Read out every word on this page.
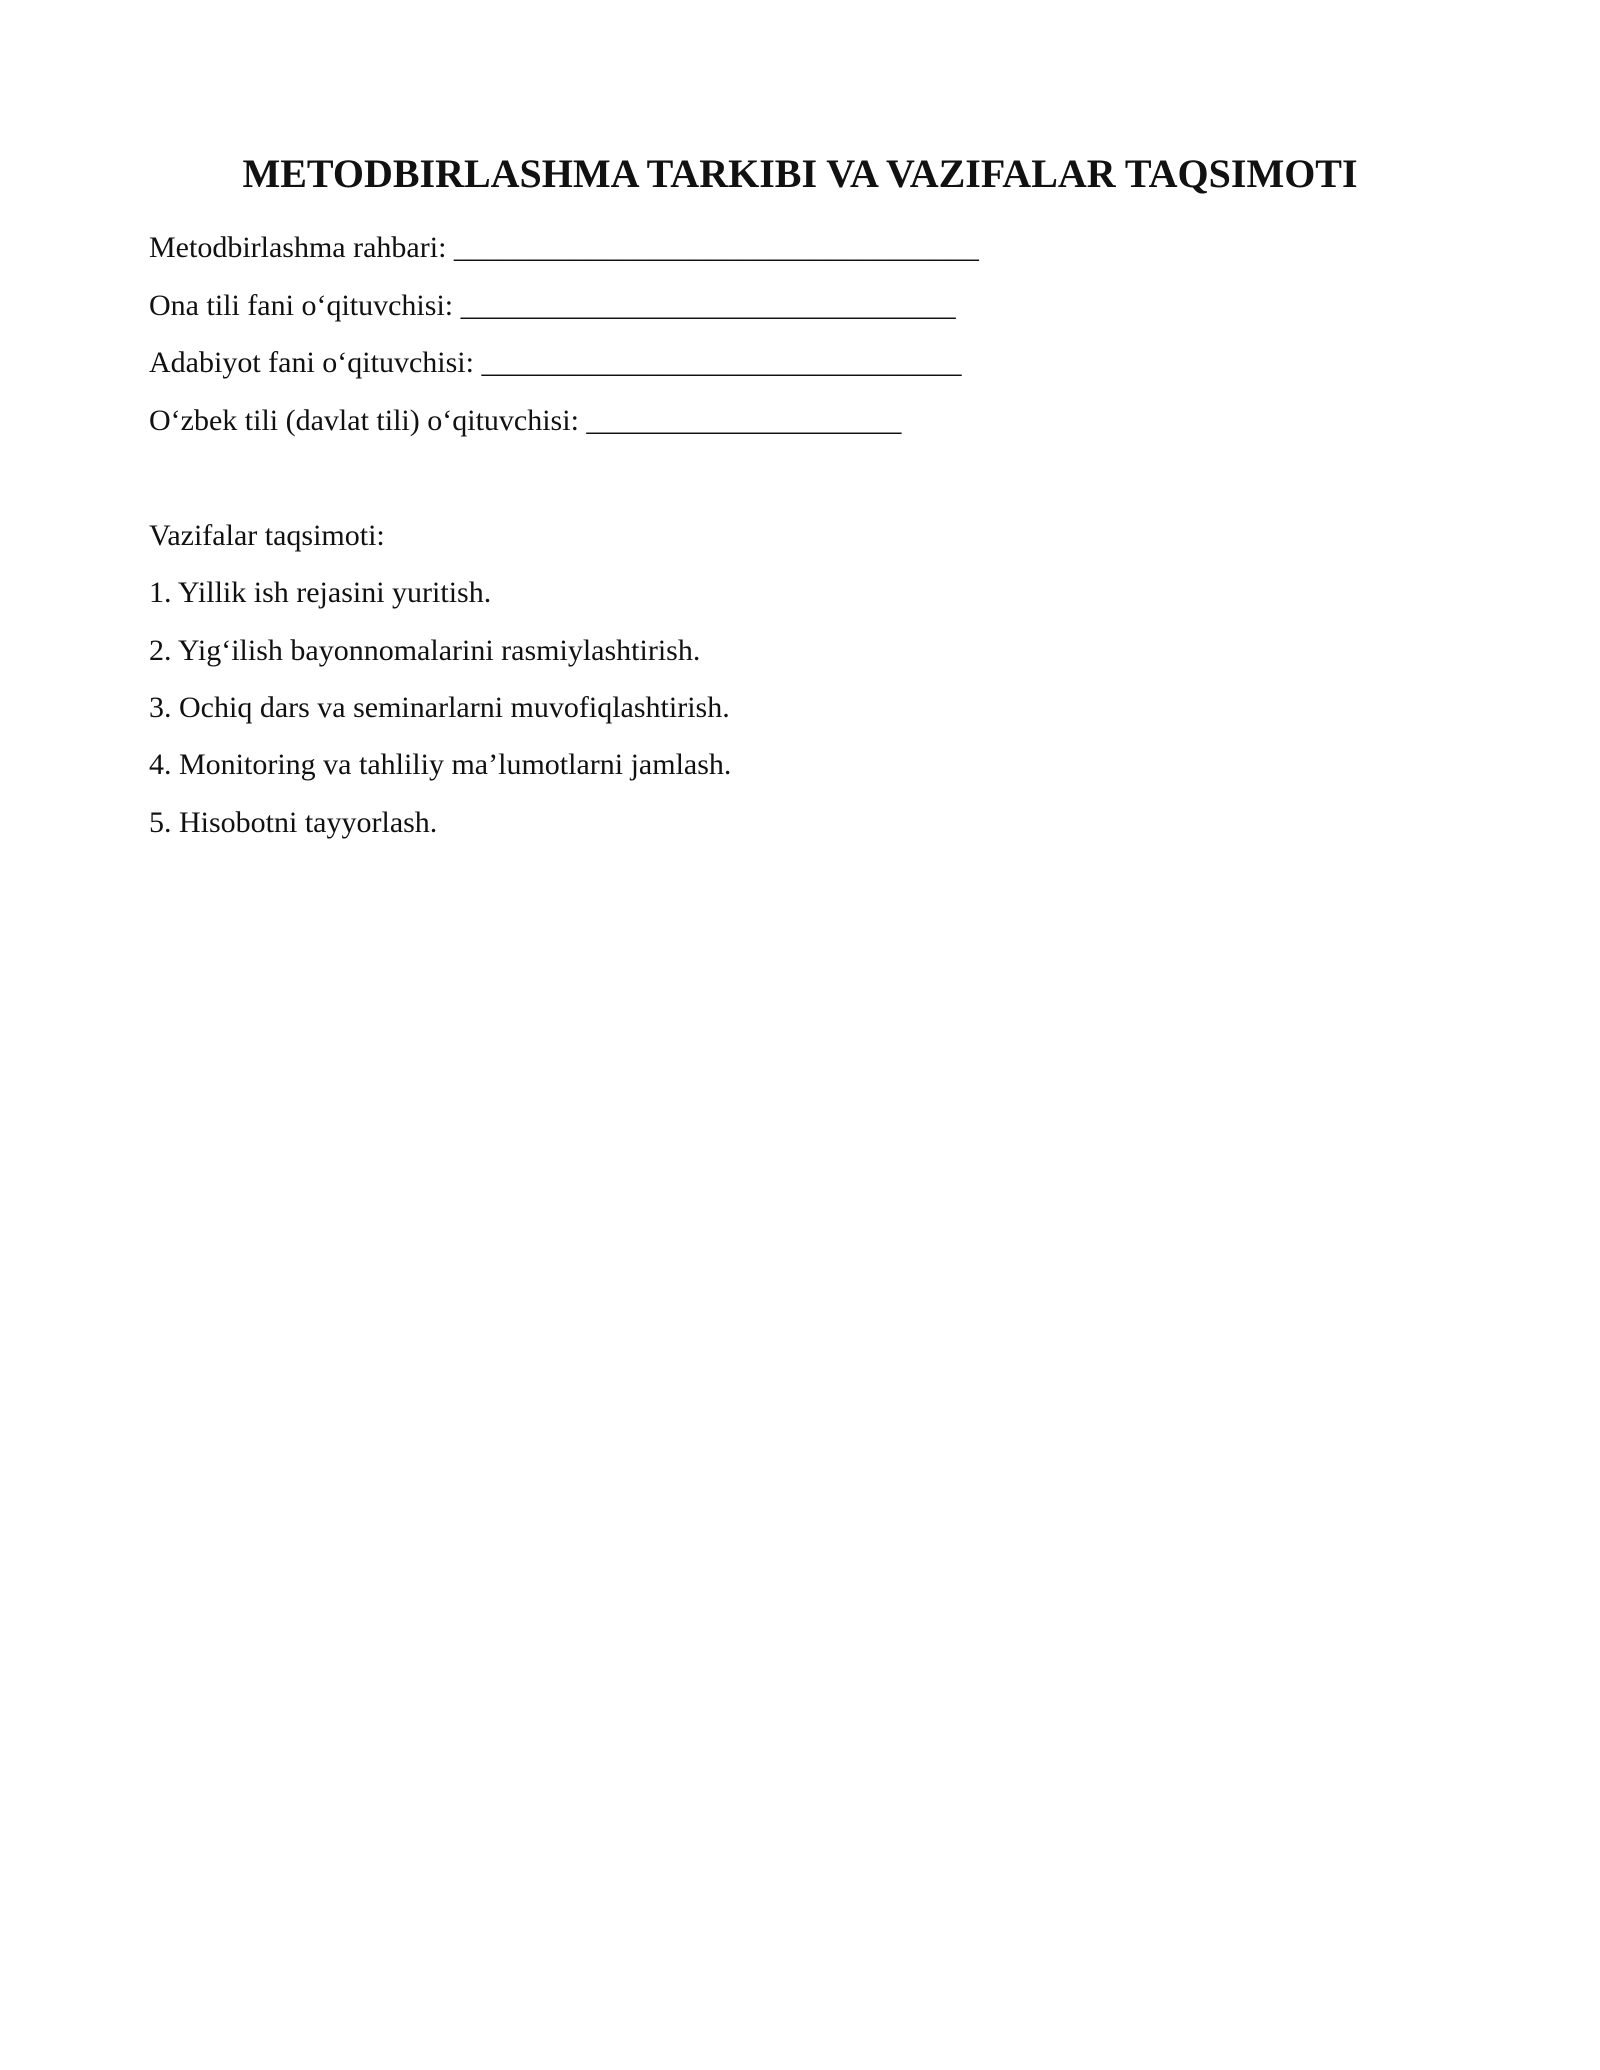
METODBIRLASHMA TARKIBI VA VAZIFALAR TAQSIMOTI

Metodbirlashma rahbari: ___________________________________

Ona tili fani o‘qituvchisi: _________________________________

Adabiyot fani o‘qituvchisi: ________________________________

O‘zbek tili (davlat tili) o‘qituvchisi: _____________________

Vazifalar taqsimoti:

1. Yillik ish rejasini yuritish.

2. Yig‘ilish bayonnomalarini rasmiylashtirish.

3. Ochiq dars va seminarlarni muvofiqlashtirish.

4. Monitoring va tahliliy ma’lumotlarni jamlash.

5. Hisobotni tayyorlash.
